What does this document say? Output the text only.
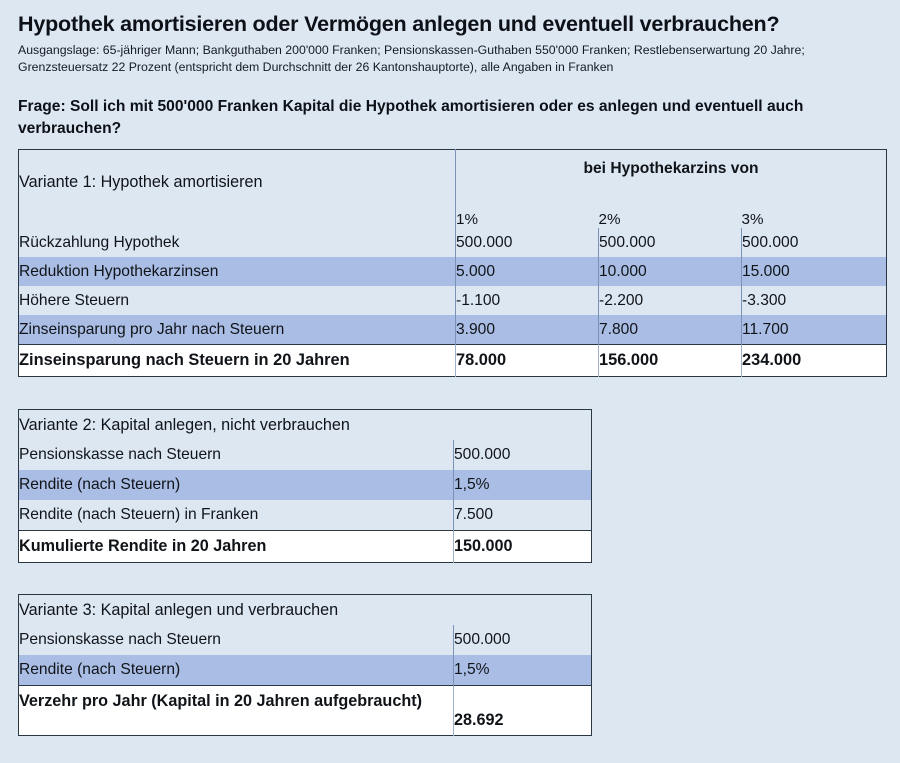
Hypothek amortisieren oder Vermögen anlegen und eventuell verbrauchen?
Ausgangslage: 65-jähriger Mann; Bankguthaben 200'000 Franken; Pensionskassen-Guthaben 550'000 Franken; Restlebenserwartung 20 Jahre; Grenzsteuersatz 22 Prozent (entspricht dem Durchschnitt der 26 Kantonshauptorte), alle Angaben in Franken
Frage: Soll ich mit 500'000 Franken Kapital die Hypothek amortisieren oder es anlegen und eventuell auch verbrauchen?
Variante 1: Hypothek amortisieren	bei Hypothekarzins von		

	1%	2%	3%
Rückzahlung Hypothek	500.000	500.000	500.000
Reduktion Hypothekarzinsen	5.000	10.000	15.000
Höhere Steuern	-1.100	-2.200	-3.300
Zinseinsparung pro Jahr nach Steuern	3.900	7.800	11.700
Zinseinsparung nach Steuern in 20 Jahren	78.000	156.000	234.000
Variante 2: Kapital anlegen, nicht verbrauchen	
Pensionskasse nach Steuern	500.000
Rendite (nach Steuern)	1,5%
Rendite (nach Steuern) in Franken	7.500
Kumulierte Rendite in 20 Jahren	150.000
Variante 3: Kapital anlegen und verbrauchen	
Pensionskasse nach Steuern	500.000
Rendite (nach Steuern)	1,5%
Verzehr pro Jahr (Kapital in 20 Jahren aufgebraucht)	28.692
